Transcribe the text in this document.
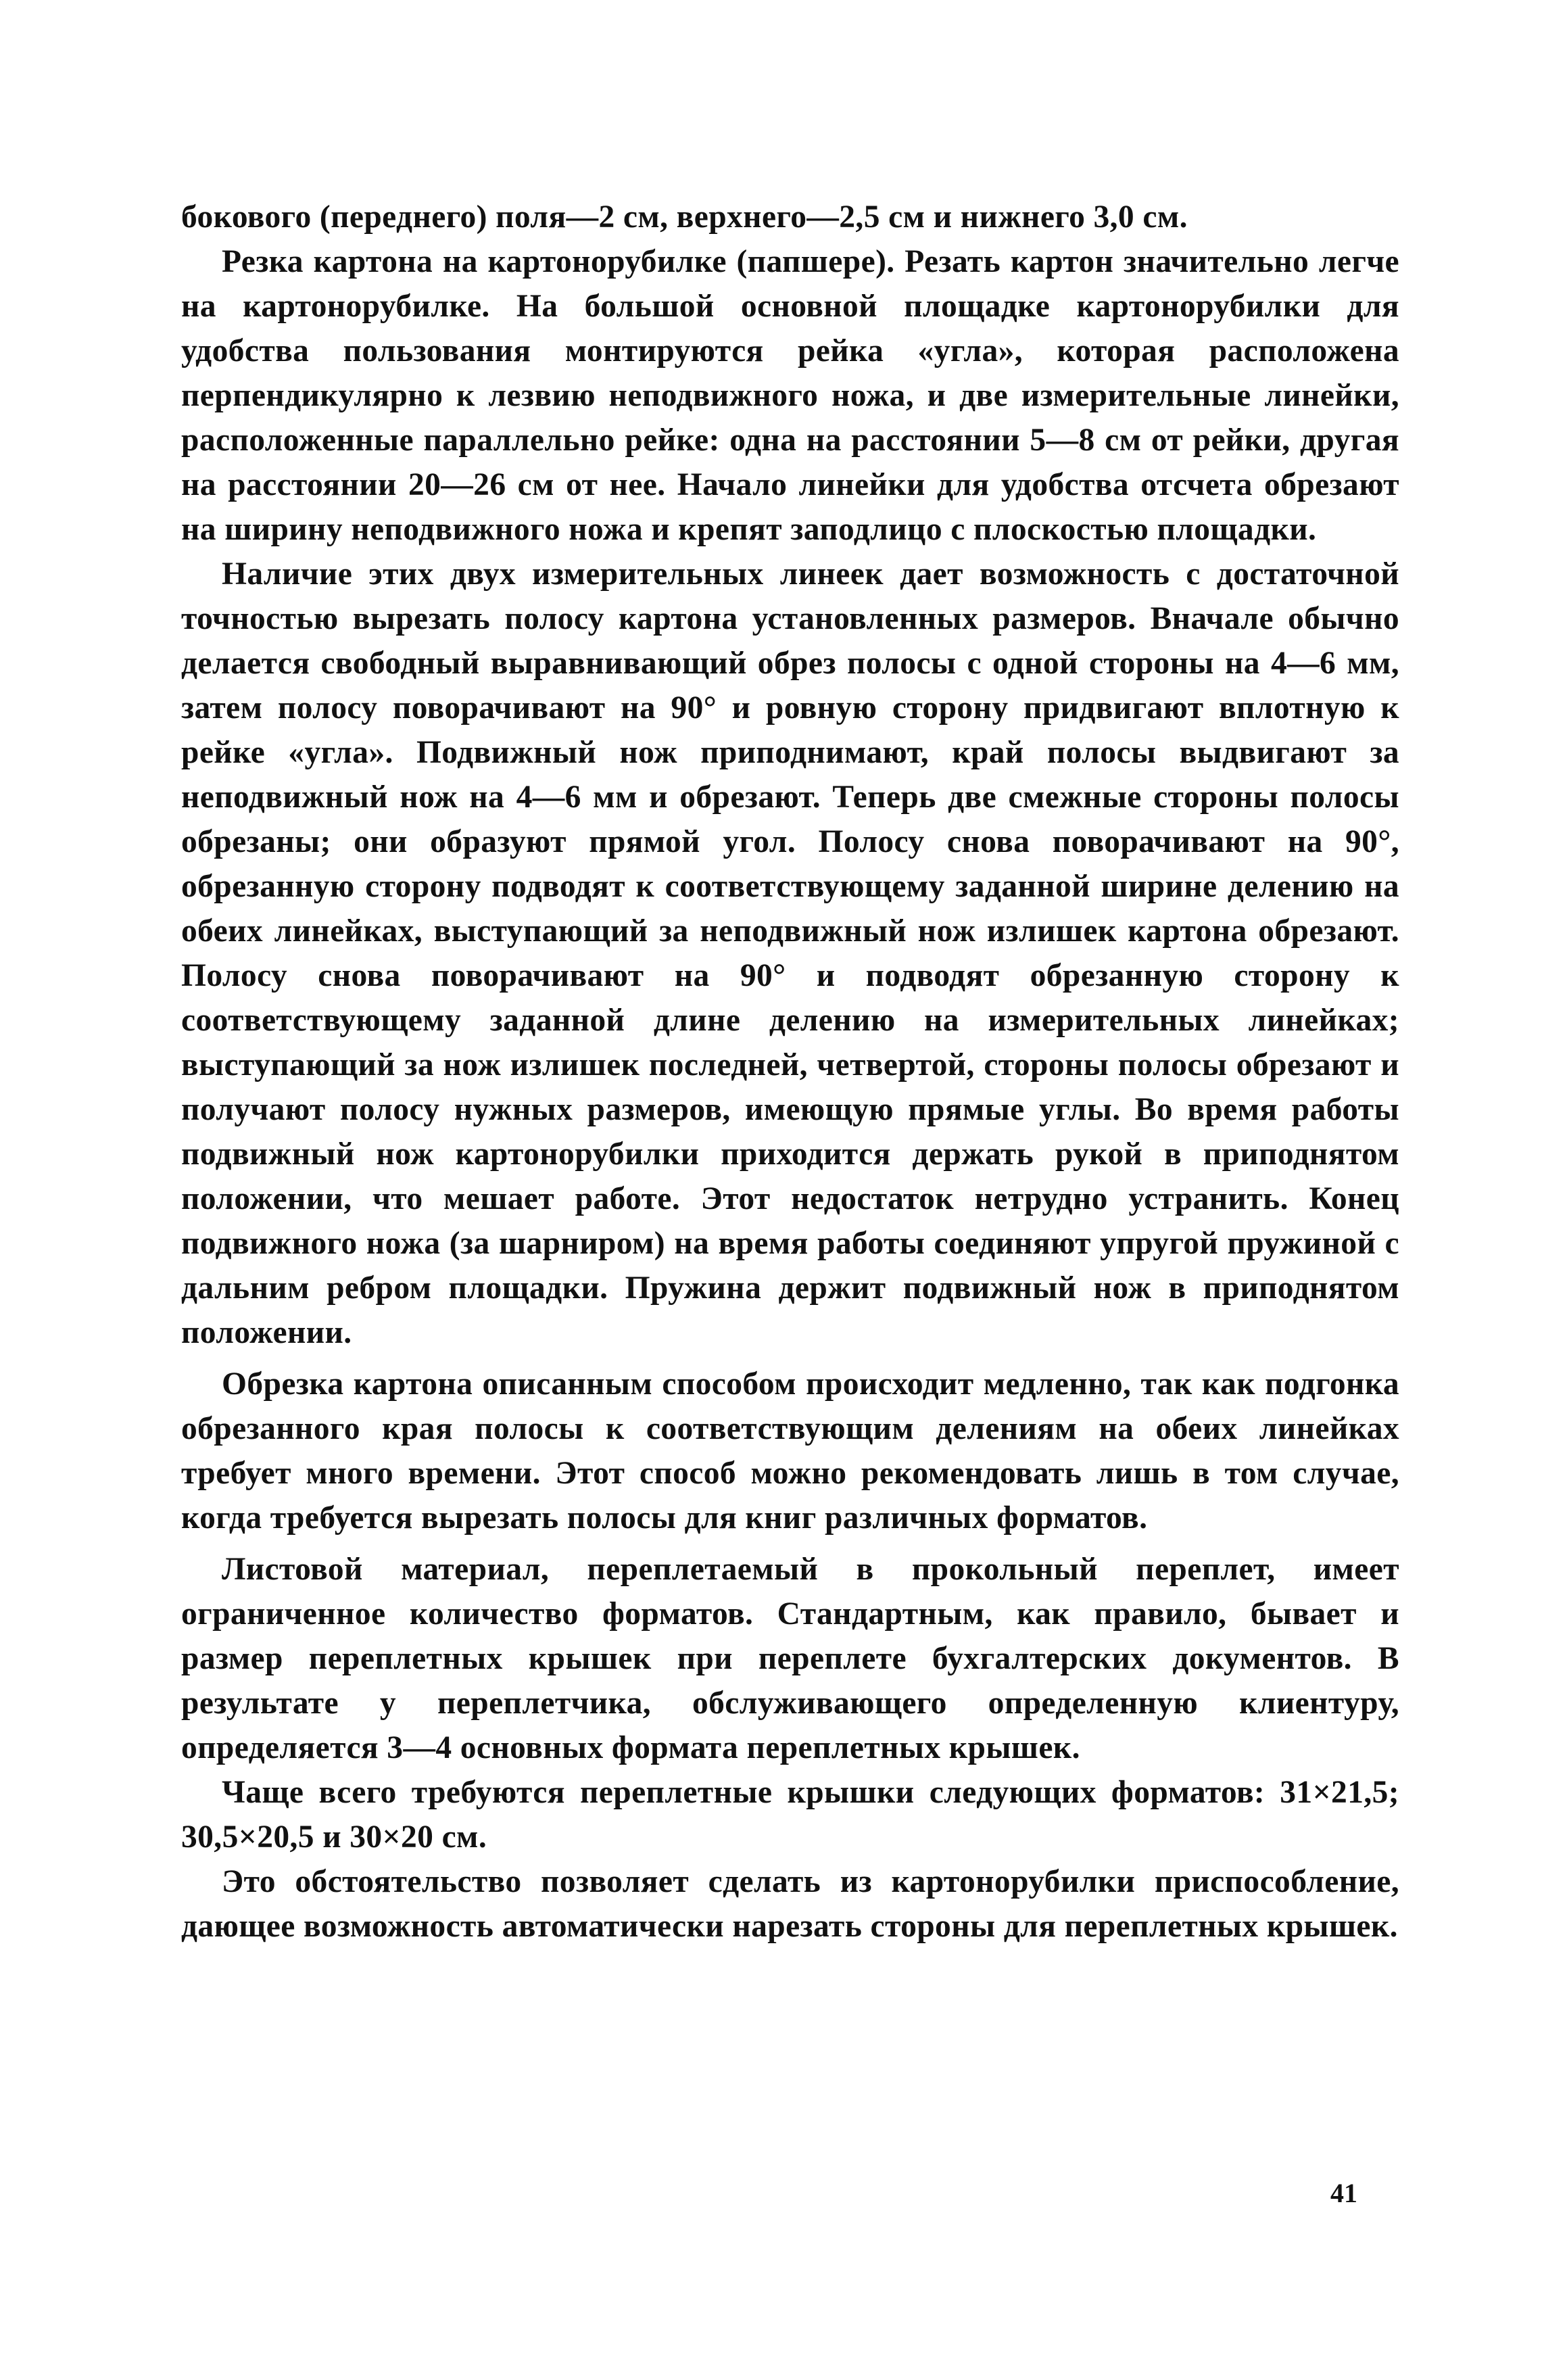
бокового (переднего) поля—2 см, верхнего—2,5 см и нижнего 3,0 см.

Резка картона на картонорубилке (папшере). Резать картон значительно легче на картонорубилке. На большой основной площадке картонорубилки для удобства пользования монтируются рейка «угла», которая расположена перпендикулярно к лезвию неподвижного ножа, и две измерительные линейки, расположенные параллельно рейке: одна на расстоянии 5—8 см от рейки, другая на расстоянии 20—26 см от нее. Начало линейки для удобства отсчета обрезают на ширину неподвижного ножа и крепят заподлицо с плоскостью площадки.

Наличие этих двух измерительных линеек дает возможность с достаточной точностью вырезать полосу картона установленных размеров. Вначале обычно делается свободный выравнивающий обрез полосы с одной стороны на 4—6 мм, затем полосу поворачивают на 90° и ровную сторону придвигают вплотную к рейке «угла». Подвижный нож приподнимают, край полосы выдвигают за неподвижный нож на 4—6 мм и обрезают. Теперь две смежные стороны полосы обрезаны; они образуют прямой угол. Полосу снова поворачивают на 90°, обрезанную сторону подводят к соответствующему заданной ширине делению на обеих линейках, выступающий за неподвижный нож излишек картона обрезают. Полосу снова поворачивают на 90° и подводят обрезанную сторону к соответствующему заданной длине делению на измерительных линейках; выступающий за нож излишек последней, четвертой, стороны полосы обрезают и получают полосу нужных размеров, имеющую прямые углы. Во время работы подвижный нож картонорубилки приходится держать рукой в приподнятом положении, что мешает работе. Этот недостаток нетрудно устранить. Конец подвижного ножа (за шарниром) на время работы соединяют упругой пружиной с дальним ребром площадки. Пружина держит подвижный нож в приподнятом положении.

Обрезка картона описанным способом происходит медленно, так как подгонка обрезанного края полосы к соответствующим делениям на обеих линейках требует много времени. Этот способ можно рекомендовать лишь в том случае, когда требуется вырезать полосы для книг различных форматов.

Листовой материал, переплетаемый в прокольный переплет, имеет ограниченное количество форматов. Стандартным, как правило, бывает и размер переплетных крышек при переплете бухгалтерских документов. В результате у переплетчика, обслуживающего определенную клиентуру, определяется 3—4 основных формата переплетных крышек.

Чаще всего требуются переплетные крышки следующих форматов: 31×21,5; 30,5×20,5 и 30×20 см.

Это обстоятельство позволяет сделать из картонорубилки приспособление, дающее возможность автоматически нарезать стороны для переплетных крышек.

41
